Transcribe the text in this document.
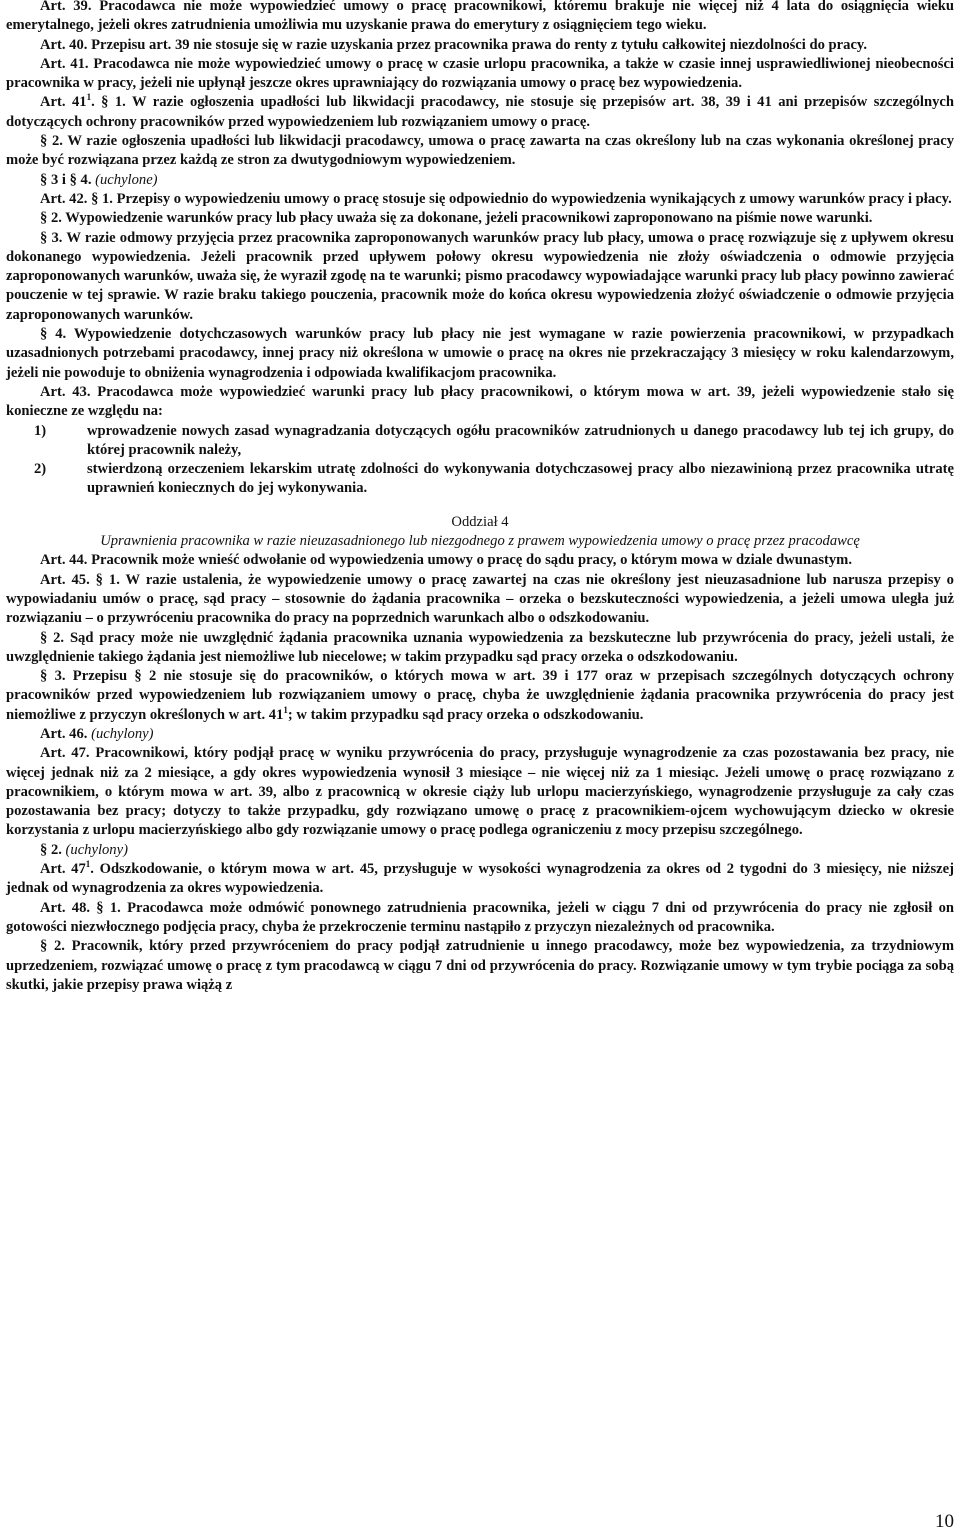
Art. 39. Pracodawca nie może wypowiedzieć umowy o pracę pracownikowi, któremu brakuje nie więcej niż 4 lata do osiągnięcia wieku emerytalnego, jeżeli okres zatrudnienia umożliwia mu uzyskanie prawa do emerytury z osiągnięciem tego wieku.

Art. 40. Przepisu art. 39 nie stosuje się w razie uzyskania przez pracownika prawa do renty z tytułu całkowitej niezdolności do pracy.

Art. 41. Pracodawca nie może wypowiedzieć umowy o pracę w czasie urlopu pracownika, a także w czasie innej usprawiedliwionej nieobecności pracownika w pracy, jeżeli nie upłynął jeszcze okres uprawniający do rozwiązania umowy o pracę bez wypowiedzenia.

Art. $41^1$. § 1. W razie ogłoszenia upadłości lub likwidacji pracodawcy, nie stosuje się przepisów art. 38, 39 i 41 ani przepisów szczególnych dotyczących ochrony pracowników przed wypowiedzeniem lub rozwiązaniem umowy o pracę.

§ 2. W razie ogłoszenia upadłości lub likwidacji pracodawcy, umowa o pracę zawarta na czas określony lub na czas wykonania określonej pracy może być rozwiązana przez każdą ze stron za dwutygodniowym wypowiedzeniem.

§ 3 i § 4. (uchylone)

Art. 42. § 1. Przepisy o wypowiedzeniu umowy o pracę stosuje się odpowiednio do wypowiedzenia wynikających z umowy warunków pracy i płacy.

§ 2. Wypowiedzenie warunków pracy lub płacy uważa się za dokonane, jeżeli pracownikowi zaproponowano na piśmie nowe warunki.

§ 3. W razie odmowy przyjęcia przez pracownika zaproponowanych warunków pracy lub płacy, umowa o pracę rozwiązuje się z upływem okresu dokonanego wypowiedzenia. Jeżeli pracownik przed upływem połowy okresu wypowiedzenia nie złoży oświadczenia o odmowie przyjęcia zaproponowanych warunków, uważa się, że wyraził zgodę na te warunki; pismo pracodawcy wypowiadające warunki pracy lub płacy powinno zawierać pouczenie w tej sprawie. W razie braku takiego pouczenia, pracownik może do końca okresu wypowiedzenia złożyć oświadczenie o odmowie przyjęcia zaproponowanych warunków.

§ 4. Wypowiedzenie dotychczasowych warunków pracy lub płacy nie jest wymagane w razie powierzenia pracownikowi, w przypadkach uzasadnionych potrzebami pracodawcy, innej pracy niż określona w umowie o pracę na okres nie przekraczający 3 miesięcy w roku kalendarzowym, jeżeli nie powoduje to obniżenia wynagrodzenia i odpowiada kwalifikacjom pracownika.

Art. 43. Pracodawca może wypowiedzieć warunki pracy lub płacy pracownikowi, o którym mowa w art. 39, jeżeli wypowiedzenie stało się konieczne ze względu na:

1)	wprowadzenie nowych zasad wynagradzania dotyczących ogółu pracowników zatrudnionych u danego pracodawcy lub tej ich grupy, do której pracownik należy,
2)	stwierdzoną orzeczeniem lekarskim utratę zdolności do wykonywania dotychczasowej pracy albo niezawinioną przez pracownika utratę uprawnień koniecznych do jej wykonywania.

Oddział 4

Uprawnienia pracownika w razie nieuzasadnionego lub niezgodnego z prawem wypowiedzenia umowy o pracę przez pracodawcę

Art. 44. Pracownik może wnieść odwołanie od wypowiedzenia umowy o pracę do sądu pracy, o którym mowa w dziale dwunastym.

Art. 45. § 1. W razie ustalenia, że wypowiedzenie umowy o pracę zawartej na czas nie określony jest nieuzasadnione lub narusza przepisy o wypowiadaniu umów o pracę, sąd pracy – stosownie do żądania pracownika – orzeka o bezskuteczności wypowiedzenia, a jeżeli umowa uległa już rozwiązaniu – o przywróceniu pracownika do pracy na poprzednich warunkach albo o odszkodowaniu.

§ 2. Sąd pracy może nie uwzględnić żądania pracownika uznania wypowiedzenia za bezskuteczne lub przywrócenia do pracy, jeżeli ustali, że uwzględnienie takiego żądania jest niemożliwe lub niecelowe; w takim przypadku sąd pracy orzeka o odszkodowaniu.

§ 3. Przepisu § 2 nie stosuje się do pracowników, o których mowa w art. 39 i 177 oraz w przepisach szczególnych dotyczących ochrony pracowników przed wypowiedzeniem lub rozwiązaniem umowy o pracę, chyba że uwzględnienie żądania pracownika przywrócenia do pracy jest niemożliwe z przyczyn określonych w art. $41^1$; w takim przypadku sąd pracy orzeka o odszkodowaniu.

Art. 46. (uchylony)

Art. 47. Pracownikowi, który podjął pracę w wyniku przywrócenia do pracy, przysługuje wynagrodzenie za czas pozostawania bez pracy, nie więcej jednak niż za 2 miesiące, a gdy okres wypowiedzenia wynosił 3 miesiące – nie więcej niż za 1 miesiąc. Jeżeli umowę o pracę rozwiązano z pracownikiem, o którym mowa w art. 39, albo z pracownicą w okresie ciąży lub urlopu macierzyńskiego, wynagrodzenie przysługuje za cały czas pozostawania bez pracy; dotyczy to także przypadku, gdy rozwiązano umowę o pracę z pracownikiem-ojcem wychowującym dziecko w okresie korzystania z urlopu macierzyńskiego albo gdy rozwiązanie umowy o pracę podlega ograniczeniu z mocy przepisu szczególnego.

§ 2. (uchylony)

Art. $47^1$. Odszkodowanie, o którym mowa w art. 45, przysługuje w wysokości wynagrodzenia za okres od 2 tygodni do 3 miesięcy, nie niższej jednak od wynagrodzenia za okres wypowiedzenia.

Art. 48. § 1. Pracodawca może odmówić ponownego zatrudnienia pracownika, jeżeli w ciągu 7 dni od przywrócenia do pracy nie zgłosił on gotowości niezwłocznego podjęcia pracy, chyba że przekroczenie terminu nastąpiło z przyczyn niezależnych od pracownika.

§ 2. Pracownik, który przed przywróceniem do pracy podjął zatrudnienie u innego pracodawcy, może bez wypowiedzenia, za trzydniowym uprzedzeniem, rozwiązać umowę o pracę z tym pracodawcą w ciągu 7 dni od przywrócenia do pracy. Rozwiązanie umowy w tym trybie pociąga za sobą skutki, jakie przepisy prawa wiążą z

10
